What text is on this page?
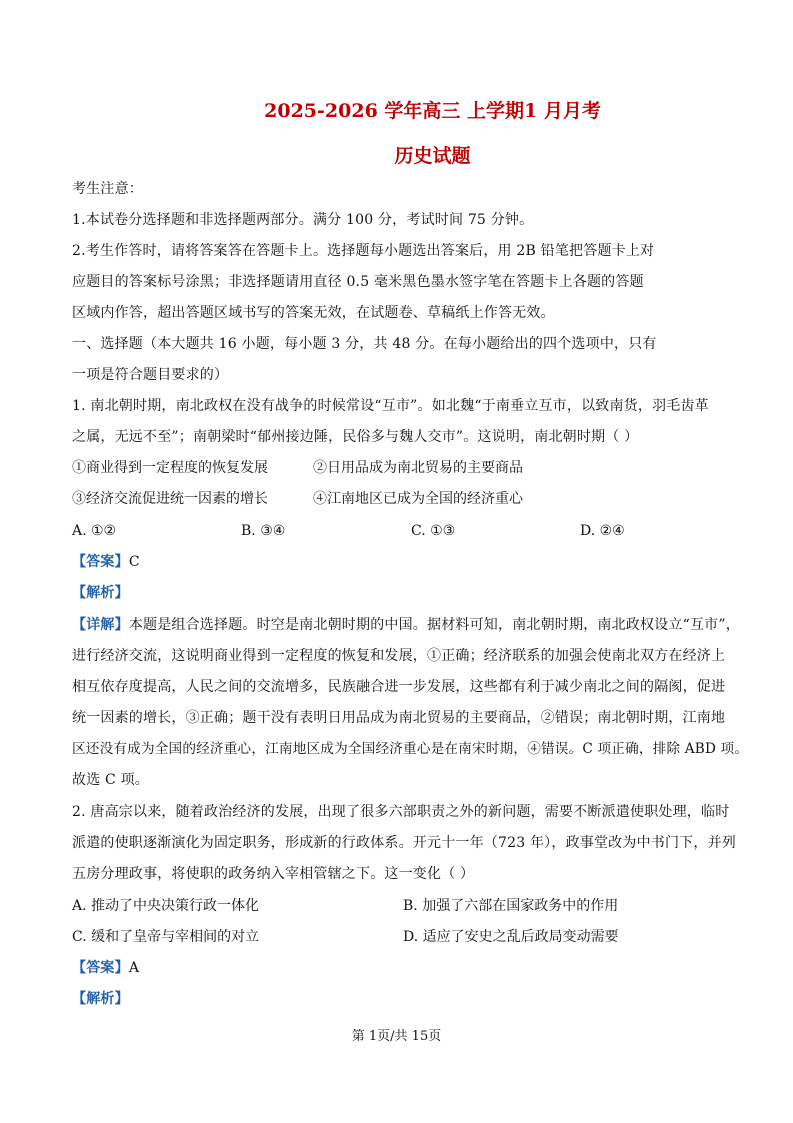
2025-2026 学年高三 上学期1 月月考
历史试题
考生注意：
1.本试卷分选择题和非选择题两部分。满分 100 分，考试时间 75 分钟。
2.考生作答时，请将答案答在答题卡上。选择题每小题选出答案后，用 2B 铅笔把答题卡上对
应题目的答案标号涂黑；非选择题请用直径 0.5 毫米黑色墨水签字笔在答题卡上各题的答题
区域内作答，超出答题区域书写的答案无效，在试题卷、草稿纸上作答无效。
一、选择题（本大题共 16 小题，每小题 3 分，共 48 分。在每小题给出的四个选项中，只有
一项是符合题目要求的）
1. 南北朝时期，南北政权在没有战争的时候常设“互市”。如北魏“于南垂立互市，以致南货，羽毛齿革
之属，无远不至”；南朝梁时“郁州接边陲，民俗多与魏人交市”。这说明，南北朝时期（ ）
①商业得到一定程度的恢复发展	②日用品成为南北贸易的主要商品
③经济交流促进统一因素的增长	④江南地区已成为全国的经济重心
A. ①②	B. ③④	C. ①③	D. ②④
【答案】C
【解析】
【详解】本题是组合选择题。时空是南北朝时期的中国。据材料可知，南北朝时期，南北政权设立“互市”，
进行经济交流，这说明商业得到一定程度的恢复和发展，①正确；经济联系的加强会使南北双方在经济上
相互依存度提高，人民之间的交流增多，民族融合进一步发展，这些都有利于减少南北之间的隔阂，促进
统一因素的增长，③正确；题干没有表明日用品成为南北贸易的主要商品，②错误；南北朝时期，江南地
区还没有成为全国的经济重心，江南地区成为全国经济重心是在南宋时期，④错误。C 项正确，排除 ABD 项。
故选 C 项。
2. 唐高宗以来，随着政治经济的发展，出现了很多六部职责之外的新问题，需要不断派遣使职处理，临时
派遣的使职逐渐演化为固定职务，形成新的行政体系。开元十一年（723 年），政事堂改为中书门下，并列
五房分理政事，将使职的政务纳入宰相管辖之下。这一变化（ ）
A. 推动了中央决策行政一体化	B. 加强了六部在国家政务中的作用
C. 缓和了皇帝与宰相间的对立	D. 适应了安史之乱后政局变动需要
【答案】A
【解析】
第 1页/共 15页
